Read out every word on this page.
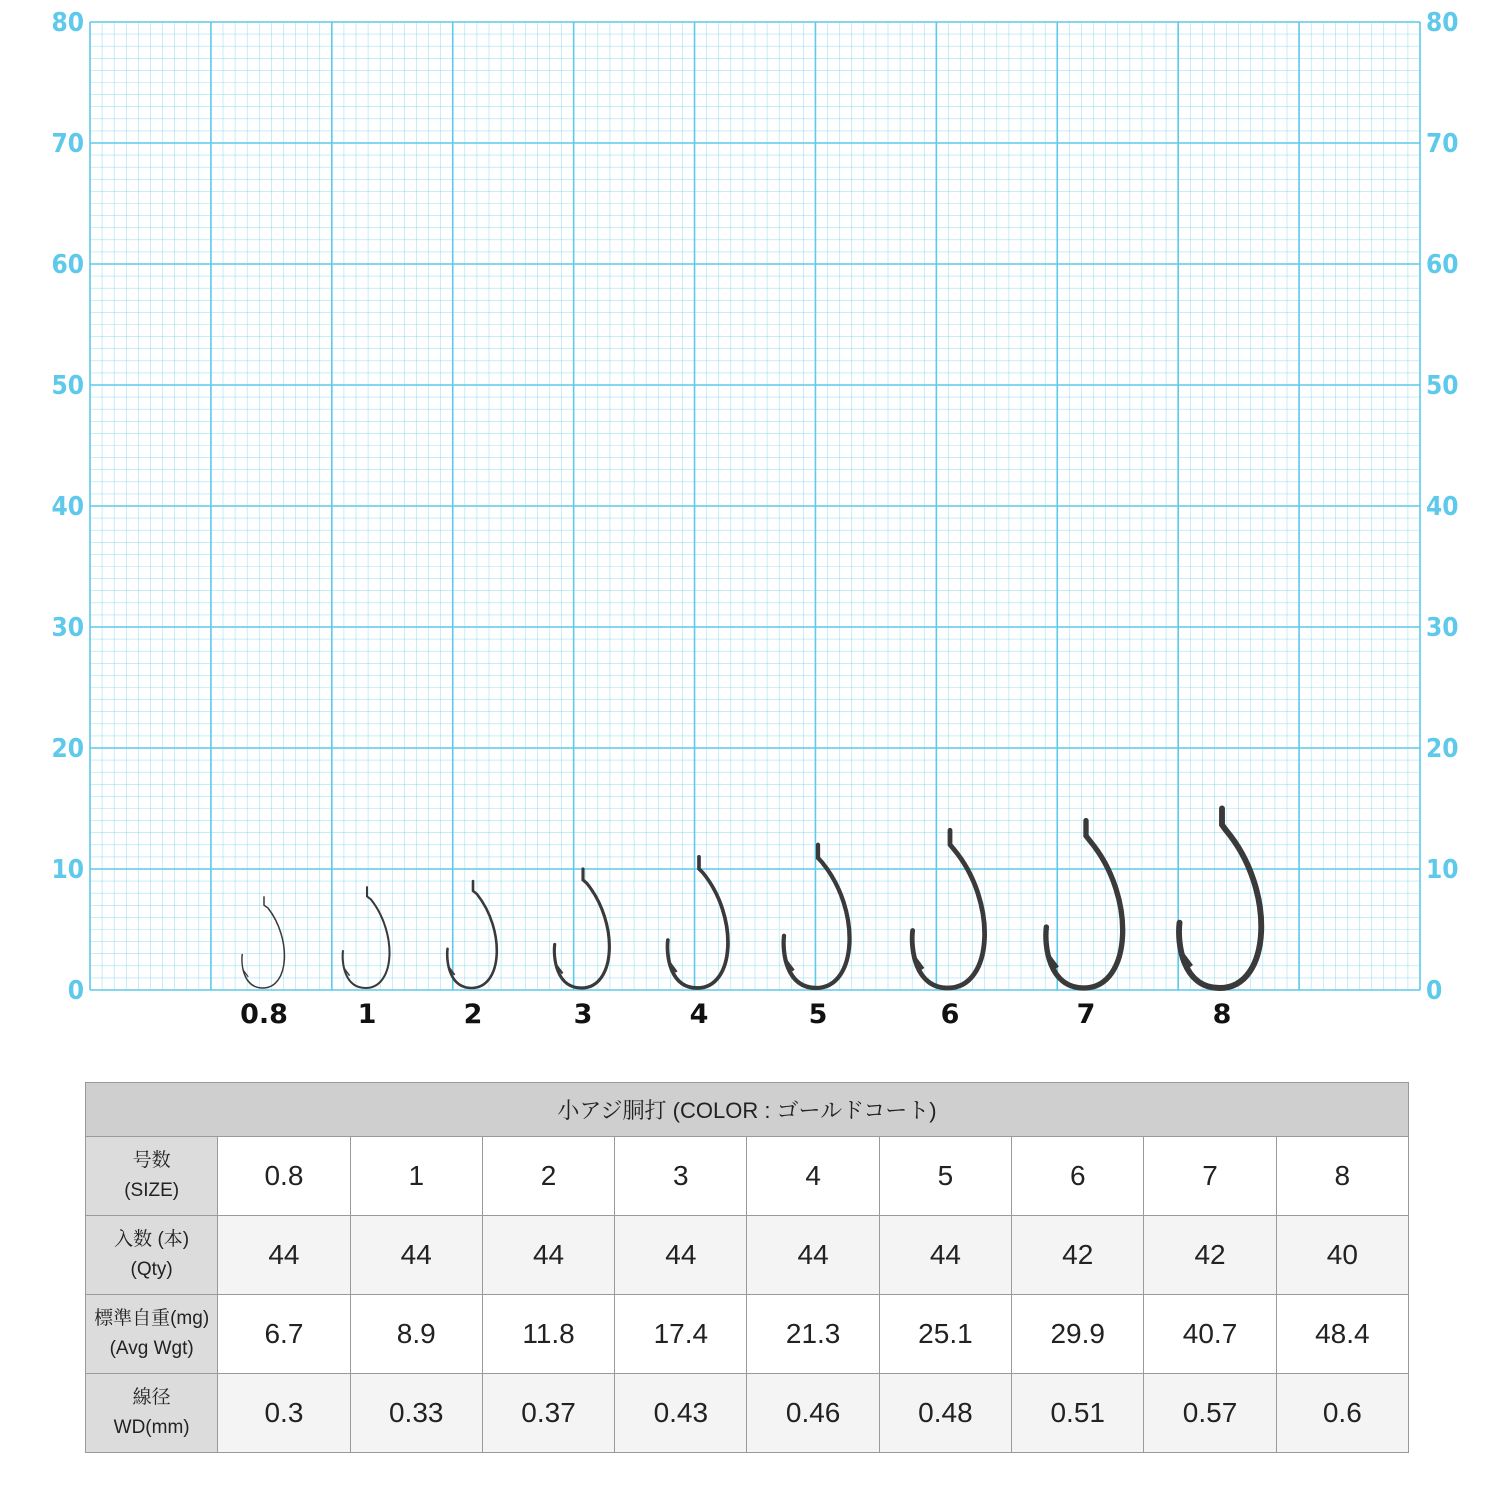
0
10
20
30
40
50
60
70
80
0
10
20
30
40
50
60
70
80
0.8	1	2	3	4	5	6	7	8
小アジ胴打 (COLOR : ゴールドコート)									

号数
(SIZE)	0.8	1	2	3	4	5	6	7	8

入数 (本)
(Qty)	44	44	44	44	44	44	42	42	40

標準自重(mg)
(Avg Wgt)	6.7	8.9	11.8	17.4	21.3	25.1	29.9	40.7	48.4

線径
WD(mm)	0.3	0.33	0.37	0.43	0.46	0.48	0.51	0.57	0.6
